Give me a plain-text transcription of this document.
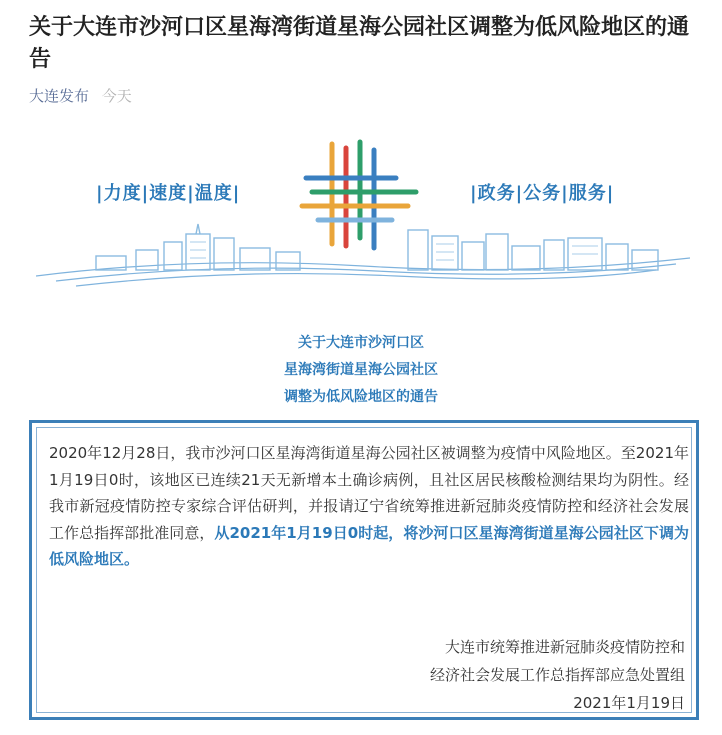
关于大连市沙河口区星海湾街道星海公园社区调整为低风险地区的通告
大连发布 今天
|力度|速度|温度|	|政务|公务|服务|
关于大连市沙河口区
星海湾街道星海公园社区
调整为低风险地区的通告

2020年12月28日，我市沙河口区星海湾街道星海公园社区被调整为疫情中风险地区。至2021年1月19日0时，该地区已连续21天无新增本土确诊病例，且社区居民核酸检测结果均为阴性。经我市新冠疫情防控专家综合评估研判，并报请辽宁省统筹推进新冠肺炎疫情防控和经济社会发展工作总指挥部批准同意，从2021年1月19日0时起，将沙河口区星海湾街道星海公园社区下调为低风险地区。

大连市统筹推进新冠肺炎疫情防控和
经济社会发展工作总指挥部应急处置组
2021年1月19日
